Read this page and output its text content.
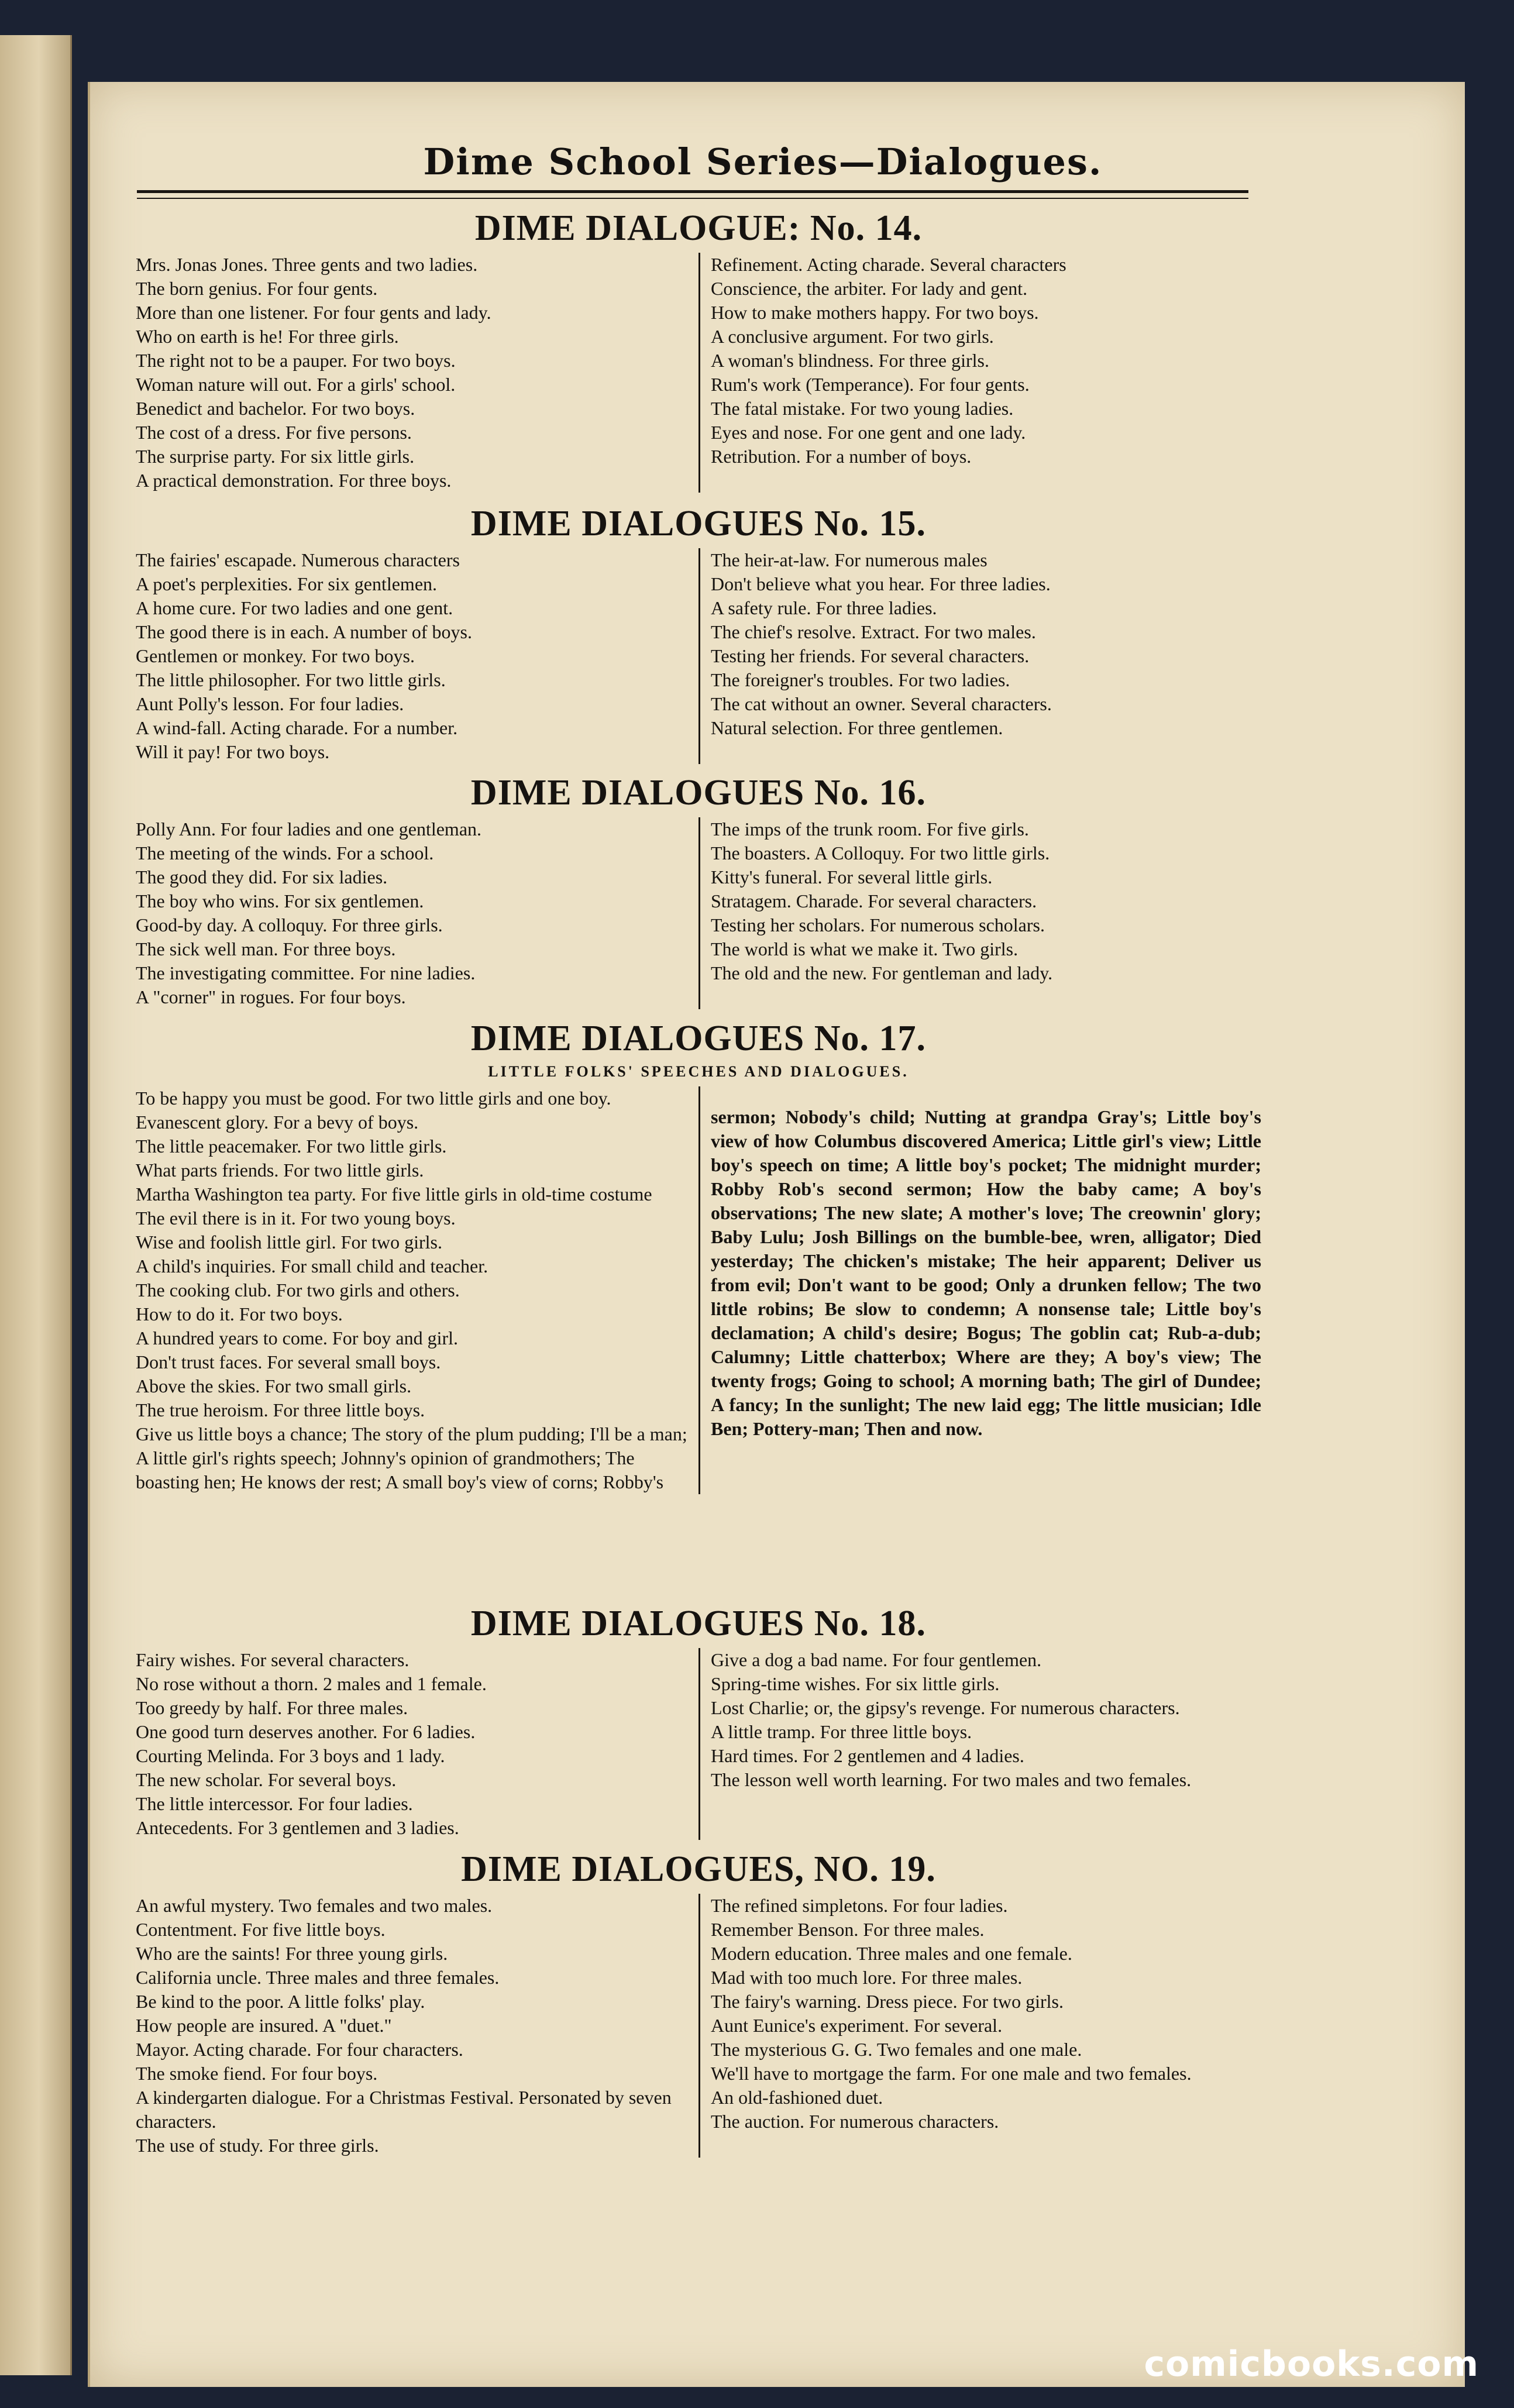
Dime School Series—Dialogues.
DIME DIALOGUE: No. 14.

Mrs. Jonas Jones. Three gents and two ladies.

The born genius. For four gents.

More than one listener. For four gents and lady.

Who on earth is he! For three girls.

The right not to be a pauper. For two boys.

Woman nature will out. For a girls' school.

Benedict and bachelor. For two boys.

The cost of a dress. For five persons.

The surprise party. For six little girls.

A practical demonstration. For three boys.

Refinement. Acting charade. Several characters

Conscience, the arbiter. For lady and gent.

How to make mothers happy. For two boys.

A conclusive argument. For two girls.

A woman's blindness. For three girls.

Rum's work (Temperance). For four gents.

The fatal mistake. For two young ladies.

Eyes and nose. For one gent and one lady.

Retribution. For a number of boys.

DIME DIALOGUES No. 15.

The fairies' escapade. Numerous characters

A poet's perplexities. For six gentlemen.

A home cure. For two ladies and one gent.

The good there is in each. A number of boys.

Gentlemen or monkey. For two boys.

The little philosopher. For two little girls.

Aunt Polly's lesson. For four ladies.

A wind-fall. Acting charade. For a number.

Will it pay! For two boys.

The heir-at-law. For numerous males

Don't believe what you hear. For three ladies.

A safety rule. For three ladies.

The chief's resolve. Extract. For two males.

Testing her friends. For several characters.

The foreigner's troubles. For two ladies.

The cat without an owner. Several characters.

Natural selection. For three gentlemen.

DIME DIALOGUES No. 16.

Polly Ann. For four ladies and one gentleman.

The meeting of the winds. For a school.

The good they did. For six ladies.

The boy who wins. For six gentlemen.

Good-by day. A colloquy. For three girls.

The sick well man. For three boys.

The investigating committee. For nine ladies.

A "corner" in rogues. For four boys.

The imps of the trunk room. For five girls.

The boasters. A Colloquy. For two little girls.

Kitty's funeral. For several little girls.

Stratagem. Charade. For several characters.

Testing her scholars. For numerous scholars.

The world is what we make it. Two girls.

The old and the new. For gentleman and lady.

DIME DIALOGUES No. 17.
LITTLE FOLKS' SPEECHES AND DIALOGUES.

To be happy you must be good. For two little girls and one boy.

Evanescent glory. For a bevy of boys.

The little peacemaker. For two little girls.

What parts friends. For two little girls.

Martha Washington tea party. For five little girls in old-time costume

The evil there is in it. For two young boys.

Wise and foolish little girl. For two girls.

A child's inquiries. For small child and teacher.

The cooking club. For two girls and others.

How to do it. For two boys.

A hundred years to come. For boy and girl.

Don't trust faces. For several small boys.

Above the skies. For two small girls.

The true heroism. For three little boys.

Give us little boys a chance; The story of the plum pudding; I'll be a man; A little girl's rights speech; Johnny's opinion of grandmothers; The boasting hen; He knows der rest; A small boy's view of corns; Robby's

sermon; Nobody's child; Nutting at grandpa Gray's; Little boy's view of how Columbus discovered America; Little girl's view; Little boy's speech on time; A little boy's pocket; The midnight murder; Robby Rob's second sermon; How the baby came; A boy's observations; The new slate; A mother's love; The creownin' glory; Baby Lulu; Josh Billings on the bumble-bee, wren, alligator; Died yesterday; The chicken's mistake; The heir apparent; Deliver us from evil; Don't want to be good; Only a drunken fellow; The two little robins; Be slow to condemn; A nonsense tale; Little boy's declamation; A child's desire; Bogus; The goblin cat; Rub-a-dub; Calumny; Little chatterbox; Where are they; A boy's view; The twenty frogs; Going to school; A morning bath; The girl of Dundee; A fancy; In the sunlight; The new laid egg; The little musician; Idle Ben; Pottery-man; Then and now.

DIME DIALOGUES No. 18.

Fairy wishes. For several characters.

No rose without a thorn. 2 males and 1 female.

Too greedy by half. For three males.

One good turn deserves another. For 6 ladies.

Courting Melinda. For 3 boys and 1 lady.

The new scholar. For several boys.

The little intercessor. For four ladies.

Antecedents. For 3 gentlemen and 3 ladies.

Give a dog a bad name. For four gentlemen.

Spring-time wishes. For six little girls.

Lost Charlie; or, the gipsy's revenge. For numerous characters.

A little tramp. For three little boys.

Hard times. For 2 gentlemen and 4 ladies.

The lesson well worth learning. For two males and two females.

DIME DIALOGUES, NO. 19.

An awful mystery. Two females and two males.

Contentment. For five little boys.

Who are the saints! For three young girls.

California uncle. Three males and three females.

Be kind to the poor. A little folks' play.

How people are insured. A "duet."

Mayor. Acting charade. For four characters.

The smoke fiend. For four boys.

A kindergarten dialogue. For a Christmas Festival. Personated by seven characters.

The use of study. For three girls.

The refined simpletons. For four ladies.

Remember Benson. For three males.

Modern education. Three males and one female.

Mad with too much lore. For three males.

The fairy's warning. Dress piece. For two girls.

Aunt Eunice's experiment. For several.

The mysterious G. G. Two females and one male.

We'll have to mortgage the farm. For one male and two females.

An old-fashioned duet.

The auction. For numerous characters.

comicbooks.com
